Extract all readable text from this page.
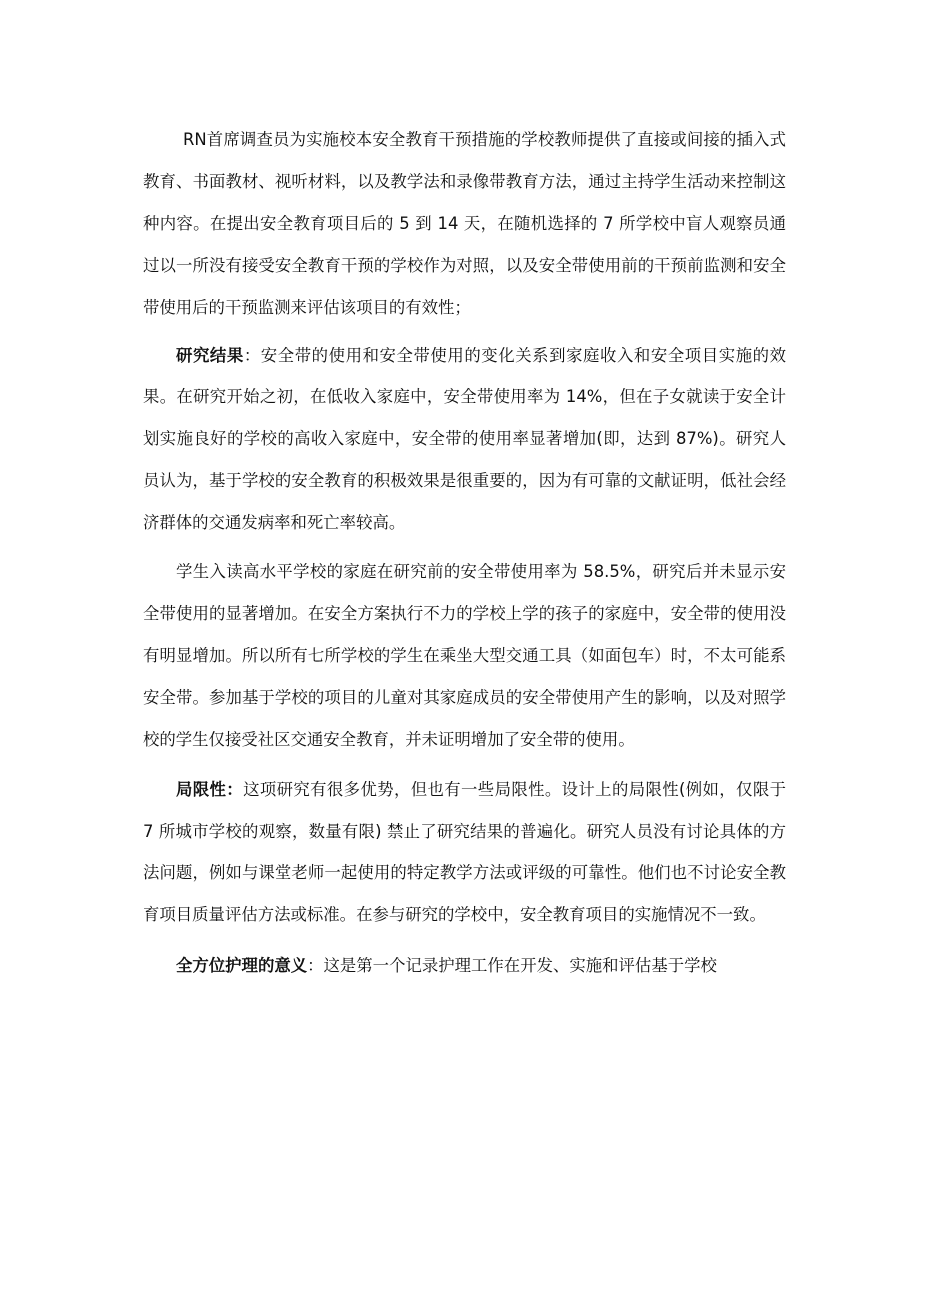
RN首席调查员为实施校本安全教育干预措施的学校教师提供了直接或间接的插入式教育、书面教材、视听材料，以及教学法和录像带教育方法，通过主持学生活动来控制这种内容。在提出安全教育项目后的 5 到 14 天，在随机选择的 7 所学校中盲人观察员通过以一所没有接受安全教育干预的学校作为对照，以及安全带使用前的干预前监测和安全带使用后的干预监测来评估该项目的有效性；

研究结果：安全带的使用和安全带使用的变化关系到家庭收入和安全项目实施的效果。在研究开始之初，在低收入家庭中，安全带使用率为 14%，但在子女就读于安全计划实施良好的学校的高收入家庭中，安全带的使用率显著增加(即，达到 87%)。研究人员认为，基于学校的安全教育的积极效果是很重要的，因为有可靠的文献证明，低社会经济群体的交通发病率和死亡率较高。

学生入读高水平学校的家庭在研究前的安全带使用率为 58.5%，研究后并未显示安全带使用的显著增加。在安全方案执行不力的学校上学的孩子的家庭中，安全带的使用没有明显增加。所以所有七所学校的学生在乘坐大型交通工具（如面包车）时，不太可能系安全带。参加基于学校的项目的儿童对其家庭成员的安全带使用产生的影响，以及对照学校的学生仅接受社区交通安全教育，并未证明增加了安全带的使用。

局限性：这项研究有很多优势，但也有一些局限性。设计上的局限性(例如，仅限于 7 所城市学校的观察，数量有限) 禁止了研究结果的普遍化。研究人员没有讨论具体的方法问题，例如与课堂老师一起使用的特定教学方法或评级的可靠性。他们也不讨论安全教育项目质量评估方法或标准。在参与研究的学校中，安全教育项目的实施情况不一致。

全方位护理的意义：这是第一个记录护理工作在开发、实施和评估基于学校
